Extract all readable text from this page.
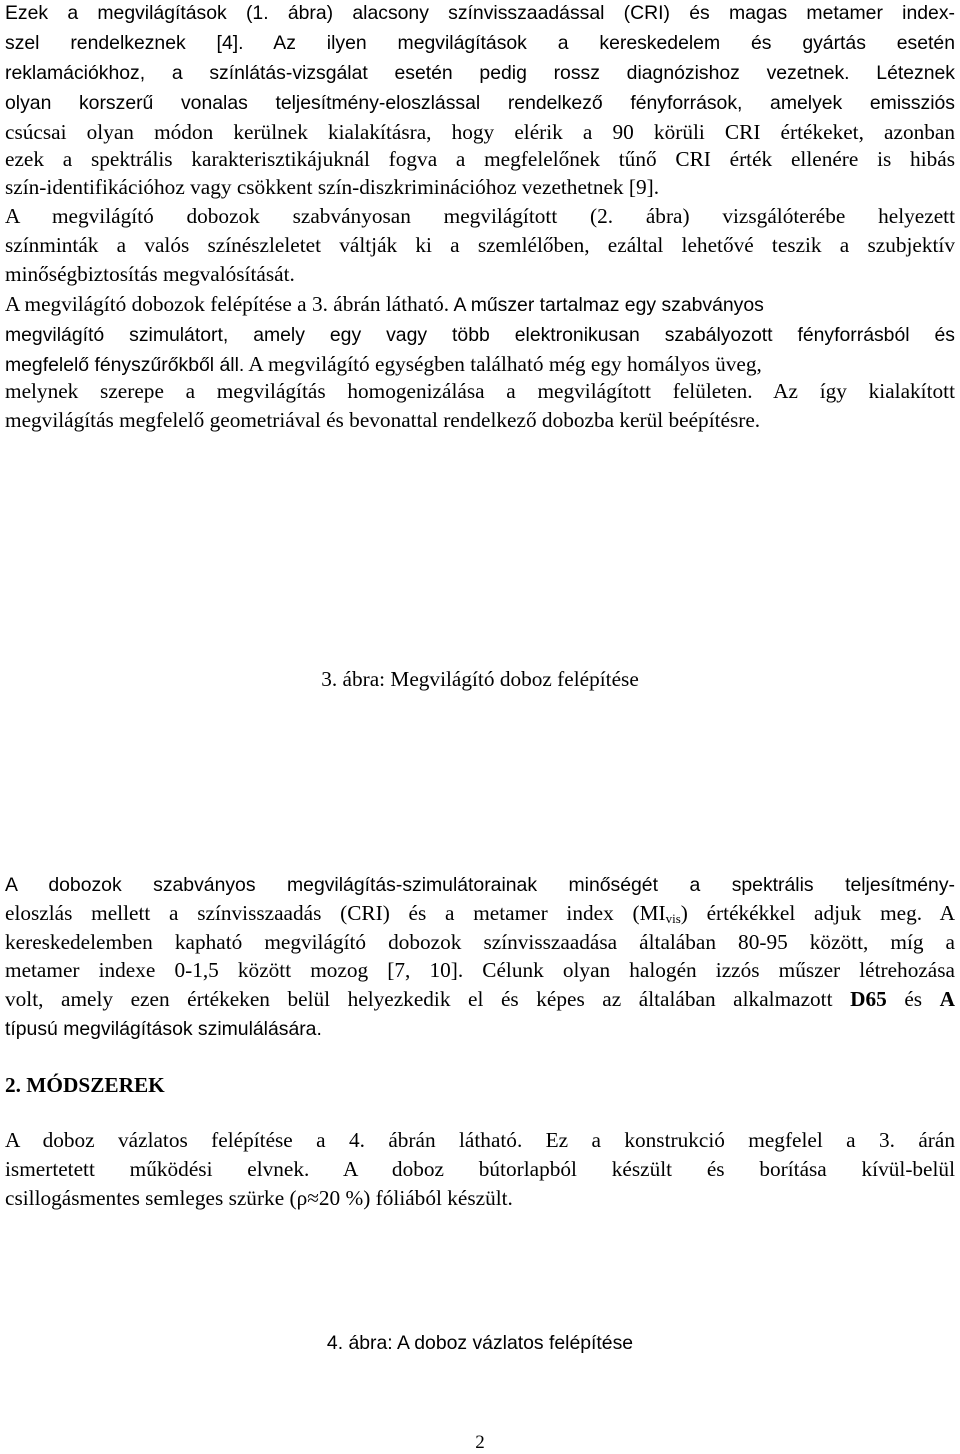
Ezek a megvilágítások (1. ábra) alacsony színvisszaadással (CRI) és magas metamer index-
szel rendelkeznek [4]. Az ilyen megvilágítások a kereskedelem és gyártás esetén
reklamációkhoz, a színlátás-vizsgálat esetén pedig rossz diagnózishoz vezetnek. Léteznek
olyan korszerű vonalas teljesítmény-eloszlással rendelkező fényforrások, amelyek emissziós
csúcsai olyan módon kerülnek kialakításra, hogy elérik a 90 körüli CRI értékeket, azonban
ezek a spektrális karakterisztikájuknál fogva a megfelelőnek tűnő CRI érték ellenére is hibás
szín-identifikációhoz vagy csökkent szín-diszkriminációhoz vezethetnek [9].
A megvilágító dobozok szabványosan megvilágított (2. ábra) vizsgálóterébe helyezett
színminták a valós színészleletet váltják ki a szemlélőben, ezáltal lehetővé teszik a szubjektív
minőségbiztosítás megvalósítását.
A megvilágító dobozok felépítése a 3. ábrán látható. A műszer tartalmaz egy szabványos
megvilágító szimulátort, amely egy vagy több elektronikusan szabályozott fényforrásból és
megfelelő fényszűrőkből áll. A megvilágító egységben található még egy homályos üveg,
melynek szerepe a megvilágítás homogenizálása a megvilágított felületen. Az így kialakított
megvilágítás megfelelő geometriával és bevonattal rendelkező dobozba kerül beépítésre.
3. ábra: Megvilágító doboz felépítése
A dobozok szabványos megvilágítás-szimulátorainak minőségét a spektrális teljesítmény-
eloszlás mellett a színvisszaadás (CRI) és a metamer index $(MI_{vis})$ értékékkel adjuk meg. A
kereskedelemben kapható megvilágító dobozok színvisszaadása általában 80-95 között, míg a
metamer indexe 0-1,5 között mozog [7, 10]. Célunk olyan halogén izzós műszer létrehozása
volt, amely ezen értékeken belül helyezkedik el és képes az általában alkalmazott D65 és A
típusú megvilágítások szimulálására.
2. MÓDSZEREK
A doboz vázlatos felépítése a 4. ábrán látható. Ez a konstrukció megfelel a 3. árán
ismertetett működési elvnek. A doboz bútorlapból készült és borítása kívül-belül
csillogásmentes semleges szürke (ρ≈20 %) fóliából készült.
4. ábra: A doboz vázlatos felépítése
2
